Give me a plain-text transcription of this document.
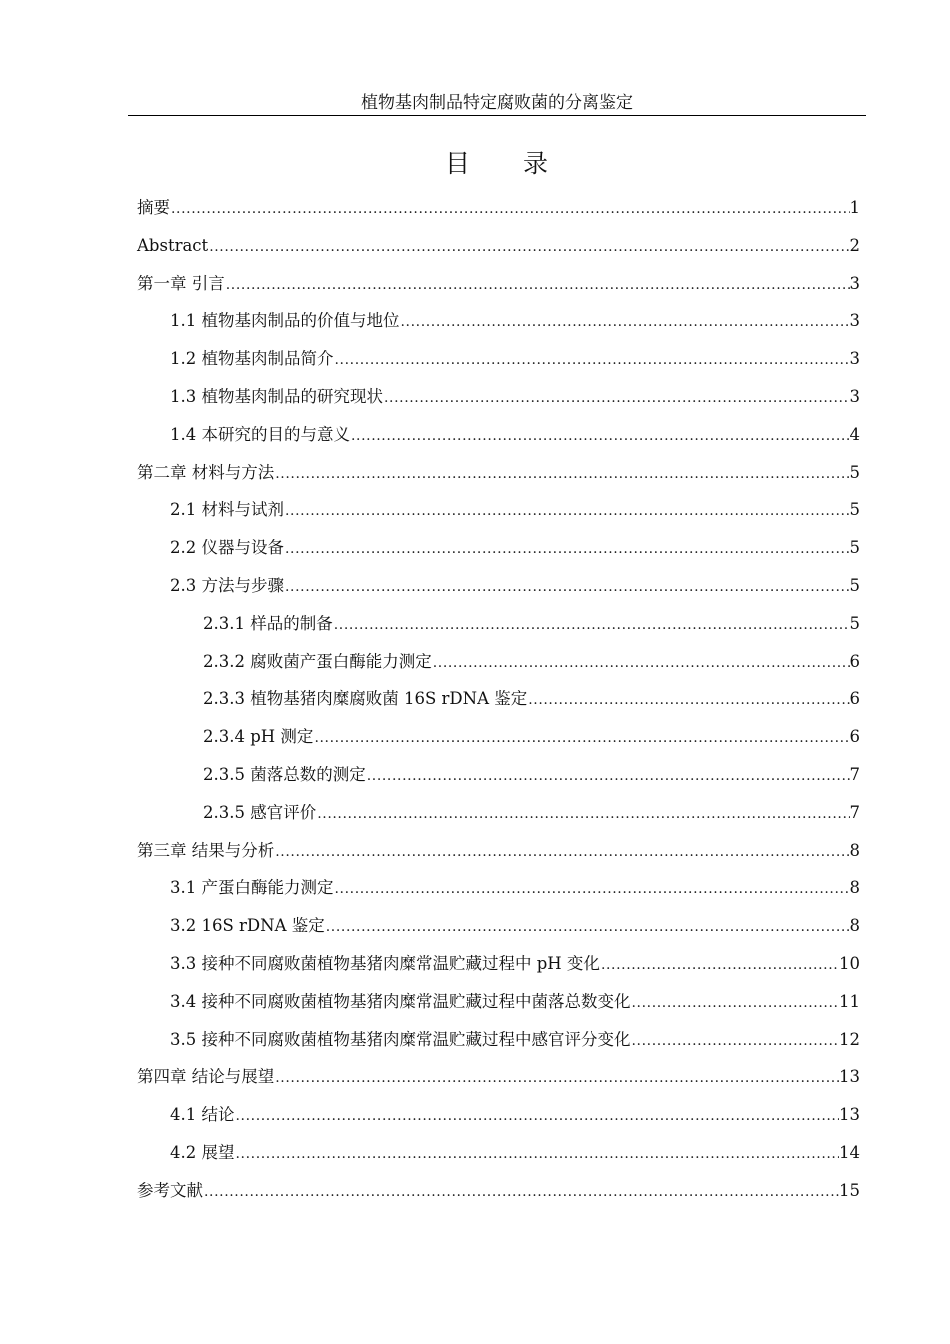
植物基肉制品特定腐败菌的分离鉴定
目　　录
摘要 .....	1
Abstract .....	2
第一章 引言 .....	3
1.1 植物基肉制品的价值与地位 .....	3
1.2 植物基肉制品简介 .....	3
1.3 植物基肉制品的研究现状 .....	3
1.4 本研究的目的与意义 .....	4
第二章 材料与方法 .....	5
2.1 材料与试剂 .....	5
2.2 仪器与设备 .....	5
2.3 方法与步骤 .....	5
2.3.1 样品的制备 .....	5
2.3.2 腐败菌产蛋白酶能力测定 .....	6
2.3.3 植物基猪肉糜腐败菌 16S rDNA 鉴定 .....	6
2.3.4 pH 测定 .....	6
2.3.5 菌落总数的测定 .....	7
2.3.5 感官评价 .....	7
第三章 结果与分析 .....	8
3.1 产蛋白酶能力测定 .....	8
3.2 16S rDNA 鉴定 .....	8
3.3 接种不同腐败菌植物基猪肉糜常温贮藏过程中 pH 变化 .....	10
3.4 接种不同腐败菌植物基猪肉糜常温贮藏过程中菌落总数变化 .....	11
3.5 接种不同腐败菌植物基猪肉糜常温贮藏过程中感官评分变化 .....	12
第四章 结论与展望 .....	13
4.1 结论 .....	13
4.2 展望 .....	14
参考文献 .....	15
